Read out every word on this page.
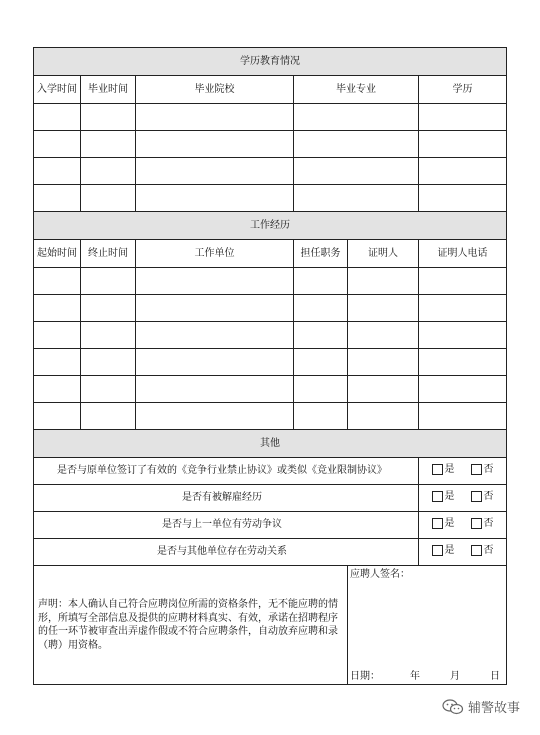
学历教育情况					
入学时间	毕业时间	毕业院校	毕业专业		学历

工作经历					
起始时间	终止时间	工作单位	担任职务	证明人	证明人电话

其他					
是否与原单位签订了有效的《竞争行业禁止协议》或类似《竞业限制协议》					是 否

是否有被解雇经历					是 否

是否与上一单位有劳动争议					是 否

是否与其他单位存在劳动关系					是 否

声明：本人确认自己符合应聘岗位所需的资格条件，无不能应聘的情形，所填写全部信息及提供的应聘材料真实、有效，承诺在招聘程序的任一环节被审查出弄虚作假或不符合应聘条件，自动放弃应聘和录（聘）用资格。				应聘人签名：
日期： 年 月 日	
辅警故事
